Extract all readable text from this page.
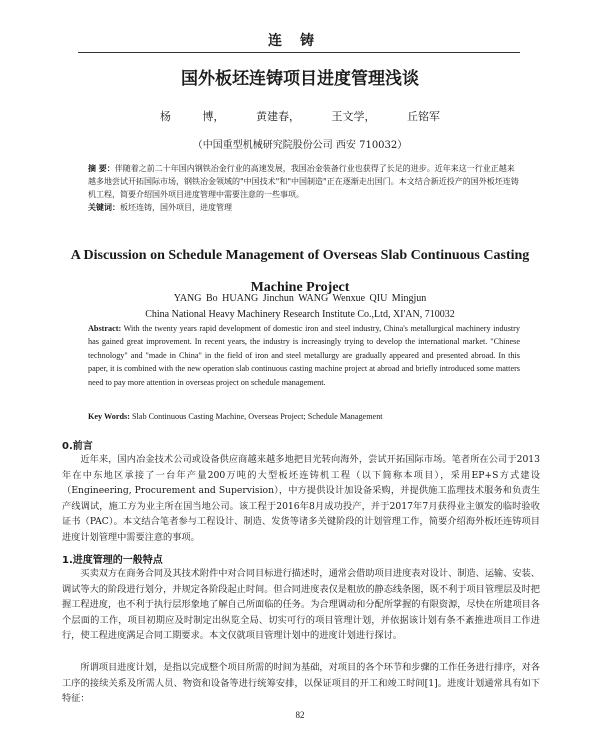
连铸
国外板坯连铸项目进度管理浅谈
杨 博， 黄建春， 王文学， 丘铭军
（中国重型机械研究院股份公司 西安 710032）
摘 要：伴随着之前二十年国内钢铁冶金行业的高速发展，我国冶金装备行业也获得了长足的进步。近年来这一行业正越来越多地尝试开拓国际市场，钢铁冶金领域的"中国技术"和"中国制造"正在逐渐走出国门。本文结合新近投产的国外板坯连铸机工程，简要介绍国外项目进度管理中需要注意的一些事项。
关键词：板坯连铸，国外项目，进度管理
A Discussion on Schedule Management of Overseas Slab Continuous Casting
Machine Project
YANG Bo HUANG Jinchun WANG Wenxue QIU Mingjun
China National Heavy Machinery Research Institute Co.,Ltd, XI'AN, 710032
Abstract: With the twenty years rapid development of domestic iron and steel industry, China's metallurgical machinery industry has gained great improvement. In recent years, the industry is increasingly trying to develop the international market. "Chinese technology" and "made in China" in the field of iron and steel metallurgy are gradually appeared and presented abroad. In this paper, it is combined with the new operation slab continuous casting machine project at abroad and briefly introduced some matters need to pay more attention in overseas project on schedule management.
Key Words: Slab Continuous Casting Machine, Overseas Project; Schedule Management
0.前言
近年来，国内冶金技术公司或设备供应商越来越多地把目光转向海外，尝试开拓国际市场。笔者所在公司于2013年在中东地区承接了一台年产量200万吨的大型板坯连铸机工程（以下简称本项目），采用EP+S方式建设（Engineering, Procurement and Supervision），中方提供设计加设备采购，并提供施工监理技术服务和负责生产线调试，施工方为业主所在国当地公司。该工程于2016年8月成功投产，并于2017年7月获得业主颁发的临时验收证书（PAC）。本文结合笔者参与工程设计、制造、发货等诸多关键阶段的计划管理工作，简要介绍海外板坯连铸项目进度计划管理中需要注意的事项。
1.进度管理的一般特点
买卖双方在商务合同及其技术附件中对合同目标进行描述时，通常会借助项目进度表对设计、制造、运输、安装、调试等大的阶段进行划分，并规定各阶段起止时间。但合同进度表仅是粗放的静态线条图，既不利于项目管理层及时把握工程进度，也不利于执行层形象地了解自己所面临的任务。为合理调动和分配所掌握的有限资源，尽快在所建项目各个层面的工作，项目初期应及时制定出纵览全局、切实可行的项目管理计划，并依据该计划有条不紊推进项目工作进行，使工程进度满足合同工期要求。本文仅就项目管理计划中的进度计划进行探讨。
所谓项目进度计划，是指以完成整个项目所需的时间为基础，对项目的各个环节和步骤的工作任务进行排序，对各工序的接续关系及所需人员、物资和设备等进行统筹安排，以保证项目的开工和竣工时间[1]。进度计划通常具有如下特征：
82
